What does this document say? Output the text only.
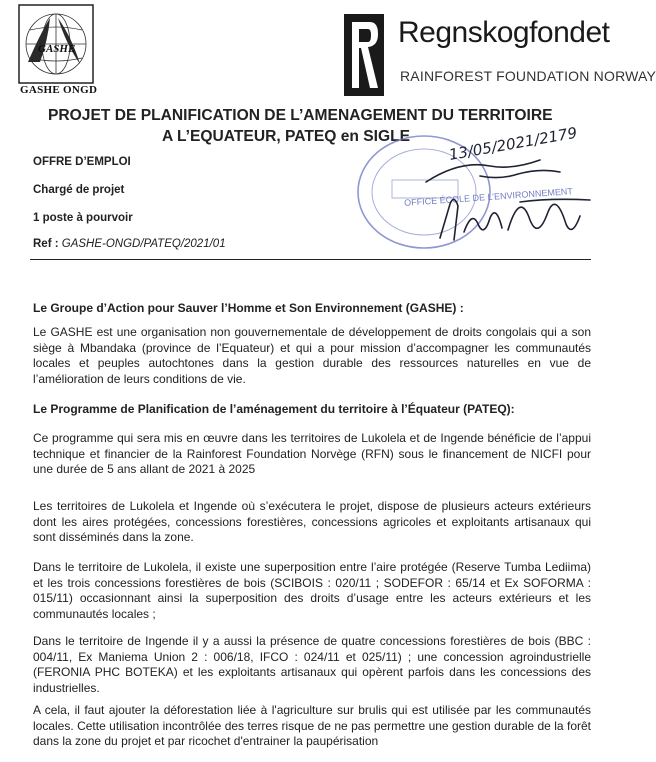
GASHE
GASHE ONGD
Regnskogfondet
RAINFOREST FOUNDATION NORWAY
PROJET DE PLANIFICATION DE L’AMENAGEMENT DU TERRITOIRE
A L’EQUATEUR, PATEQ en SIGLE
OFFRE D’EMPLOI
Chargé de projet
1 poste à pourvoir
Ref : GASHE-ONGD/PATEQ/2021/01
OFFICE ÉCOLE DE L’ENVIRONNEMENT
13/05/2021/2179
Le Groupe d’Action pour Sauver l’Homme et Son Environnement (GASHE) :
Le GASHE est une organisation non gouvernementale de développement de droits congolais qui a son siège à Mbandaka (province de l’Equateur) et qui a pour mission d’accompagner les communautés locales et peuples autochtones dans la gestion durable des ressources naturelles en vue de l’amélioration de leurs conditions de vie.
Le Programme de Planification de l’aménagement du territoire à l’Équateur (PATEQ):
Ce programme qui sera mis en œuvre dans les territoires de Lukolela et de Ingende bénéficie de l’appui technique et financier de la Rainforest Foundation Norvège (RFN) sous le financement de NICFI pour une durée de 5 ans allant de 2021 à 2025
Les territoires de Lukolela et Ingende où s’exécutera le projet, dispose de plusieurs acteurs extérieurs dont les aires protégées, concessions forestières, concessions agricoles et exploitants artisanaux qui sont disséminés dans la zone.
Dans le territoire de Lukolela, il existe une superposition entre l’aire protégée (Reserve Tumba Lediima) et les trois concessions forestières de bois (SCIBOIS : 020/11 ; SODEFOR : 65/14 et Ex SOFORMA : 015/11) occasionnant ainsi la superposition des droits d’usage entre les acteurs extérieurs et les communautés locales ;
Dans le territoire de Ingende il y a aussi la présence de quatre concessions forestières de bois (BBC : 004/11, Ex Maniema Union 2 : 006/18, IFCO : 024/11 et 025/11) ; une concession agroindustrielle (FERONIA PHC BOTEKA) et les exploitants artisanaux qui opèrent parfois dans les concessions des industrielles.
A cela, il faut ajouter la déforestation liée à l'agriculture sur brulis qui est utilisée par les communautés locales. Cette utilisation incontrôlée des terres risque de ne pas permettre une gestion durable de la forêt dans la zone du projet et par ricochet d'entrainer la paupérisation
